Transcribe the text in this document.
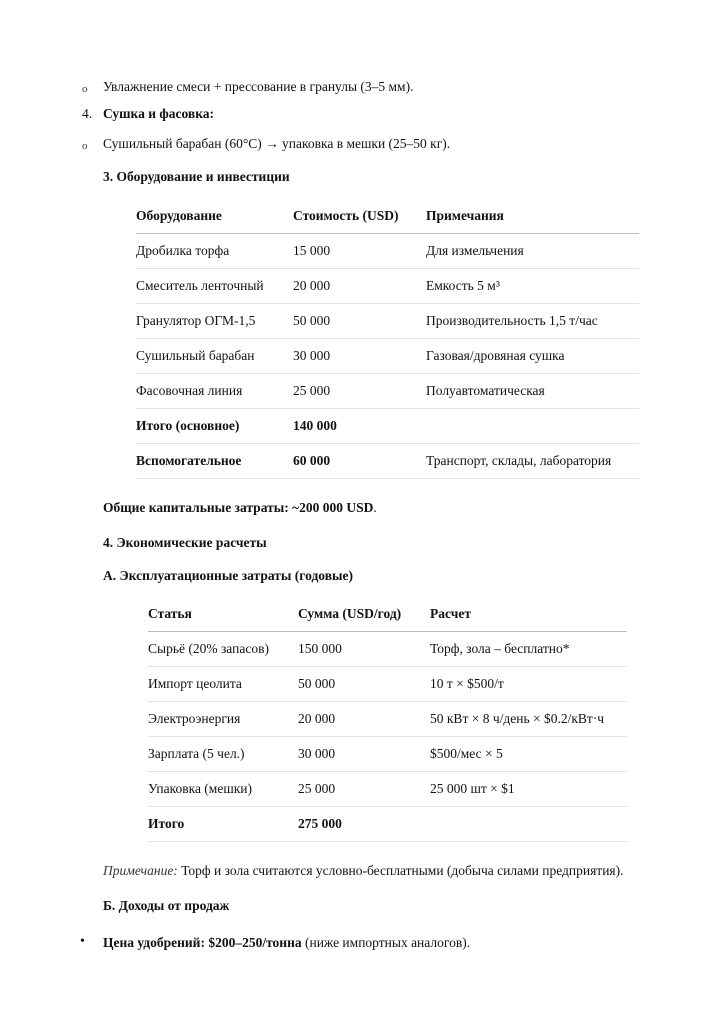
o Увлажнение смеси + прессование в гранулы (3–5 мм).
4. Сушка и фасовка:
o Сушильный барабан (60°C) → упаковка в мешки (25–50 кг).
3. Оборудование и инвестиции
Оборудование	Стоимость (USD)	Примечания
Дробилка торфа	15 000	Для измельчения
Смеситель ленточный	20 000	Емкость 5 м³
Гранулятор ОГМ-1,5	50 000	Производительность 1,5 т/час
Сушильный барабан	30 000	Газовая/дровяная сушка
Фасовочная линия	25 000	Полуавтоматическая
Итого (основное)	140 000	
Вспомогательное	60 000	Транспорт, склады, лаборатория
Общие капитальные затраты: ~200 000 USD.
4. Экономические расчеты
А. Эксплуатационные затраты (годовые)
Статья	Сумма (USD/год)	Расчет
Сырьё (20% запасов)	150 000	Торф, зола – бесплатно*
Импорт цеолита	50 000	10 т × $500/т
Электроэнергия	20 000	50 кВт × 8 ч/день × $0.2/кВт·ч
Зарплата (5 чел.)	30 000	$500/мес × 5
Упаковка (мешки)	25 000	25 000 шт × $1
Итого	275 000	
Примечание: Торф и зола считаются условно-бесплатными (добыча силами предприятия).
Б. Доходы от продаж
• Цена удобрений: $200–250/тонна (ниже импортных аналогов).
